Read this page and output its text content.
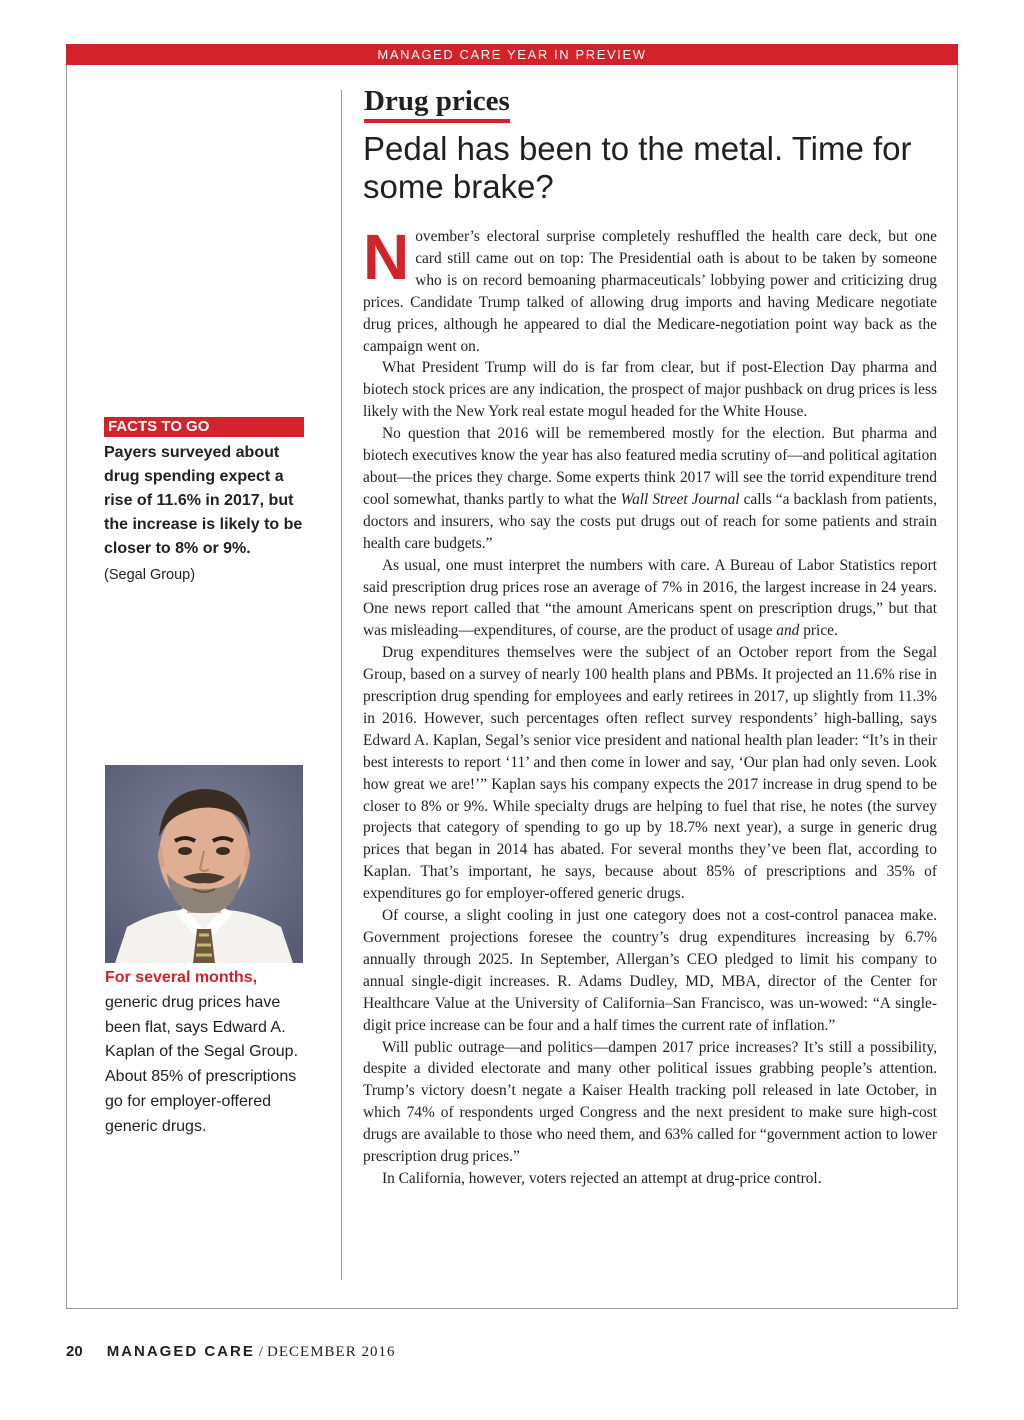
MANAGED CARE YEAR IN PREVIEW
Drug prices
Pedal has been to the metal. Time for some brake?

November’s electoral surprise completely reshuffled the health care deck, but one card still came out on top: The Presidential oath is about to be taken by someone who is on record bemoaning pharmaceuticals’ lobbying power and criticizing drug prices. Candidate Trump talked of allowing drug imports and having Medicare negotiate drug prices, although he appeared to dial the Medicare-negotiation point way back as the campaign went on.

What President Trump will do is far from clear, but if post-Election Day pharma and biotech stock prices are any indication, the prospect of major pushback on drug prices is less likely with the New York real estate mogul headed for the White House.

No question that 2016 will be remembered mostly for the election. But pharma and biotech executives know the year has also featured media scrutiny of—and political agitation about—the prices they charge. Some experts think 2017 will see the torrid expenditure trend cool somewhat, thanks partly to what the Wall Street Journal calls “a backlash from patients, doctors and insurers, who say the costs put drugs out of reach for some patients and strain health care budgets.”

As usual, one must interpret the numbers with care. A Bureau of Labor Statistics report said prescription drug prices rose an average of 7% in 2016, the largest increase in 24 years. One news report called that “the amount Americans spent on prescription drugs,” but that was misleading—expenditures, of course, are the product of usage and price.

Drug expenditures themselves were the subject of an October report from the Segal Group, based on a survey of nearly 100 health plans and PBMs. It projected an 11.6% rise in prescription drug spending for employees and early retirees in 2017, up slightly from 11.3% in 2016. However, such percentages often reflect survey respondents’ high-balling, says Edward A. Kaplan, Segal’s senior vice president and national health plan leader: “It’s in their best interests to report ‘11’ and then come in lower and say, ‘Our plan had only seven. Look how great we are!’” Kaplan says his company expects the 2017 increase in drug spend to be closer to 8% or 9%. While specialty drugs are helping to fuel that rise, he notes (the survey projects that category of spending to go up by 18.7% next year), a surge in generic drug prices that began in 2014 has abated. For several months they’ve been flat, according to Kaplan. That’s important, he says, because about 85% of prescriptions and 35% of expenditures go for employer-offered generic drugs.

Of course, a slight cooling in just one category does not a cost-control panacea make. Government projections foresee the country’s drug expenditures increasing by 6.7% annually through 2025. In September, Allergan’s CEO pledged to limit his company to annual single-digit increases. R. Adams Dudley, MD, MBA, director of the Center for Healthcare Value at the University of California–San Francisco, was un-wowed: “A single-digit price increase can be four and a half times the current rate of inflation.”

Will public outrage—and politics—dampen 2017 price increases? It’s still a possibility, despite a divided electorate and many other political issues grabbing people’s attention. Trump’s victory doesn’t negate a Kaiser Health tracking poll released in late October, in which 74% of respondents urged Congress and the next president to make sure high-cost drugs are available to those who need them, and 63% called for “government action to lower prescription drug prices.”

In California, however, voters rejected an attempt at drug-price control.

FACTS TO GO
Payers surveyed about drug spending expect a rise of 11.6% in 2017, but the increase is likely to be closer to 8% or 9%.
(Segal Group)
For several months, generic drug prices have been flat, says Edward A. Kaplan of the Segal Group. About 85% of prescriptions go for employer-offered generic drugs.
20 MANAGED CARE / DECEMBER 2016
